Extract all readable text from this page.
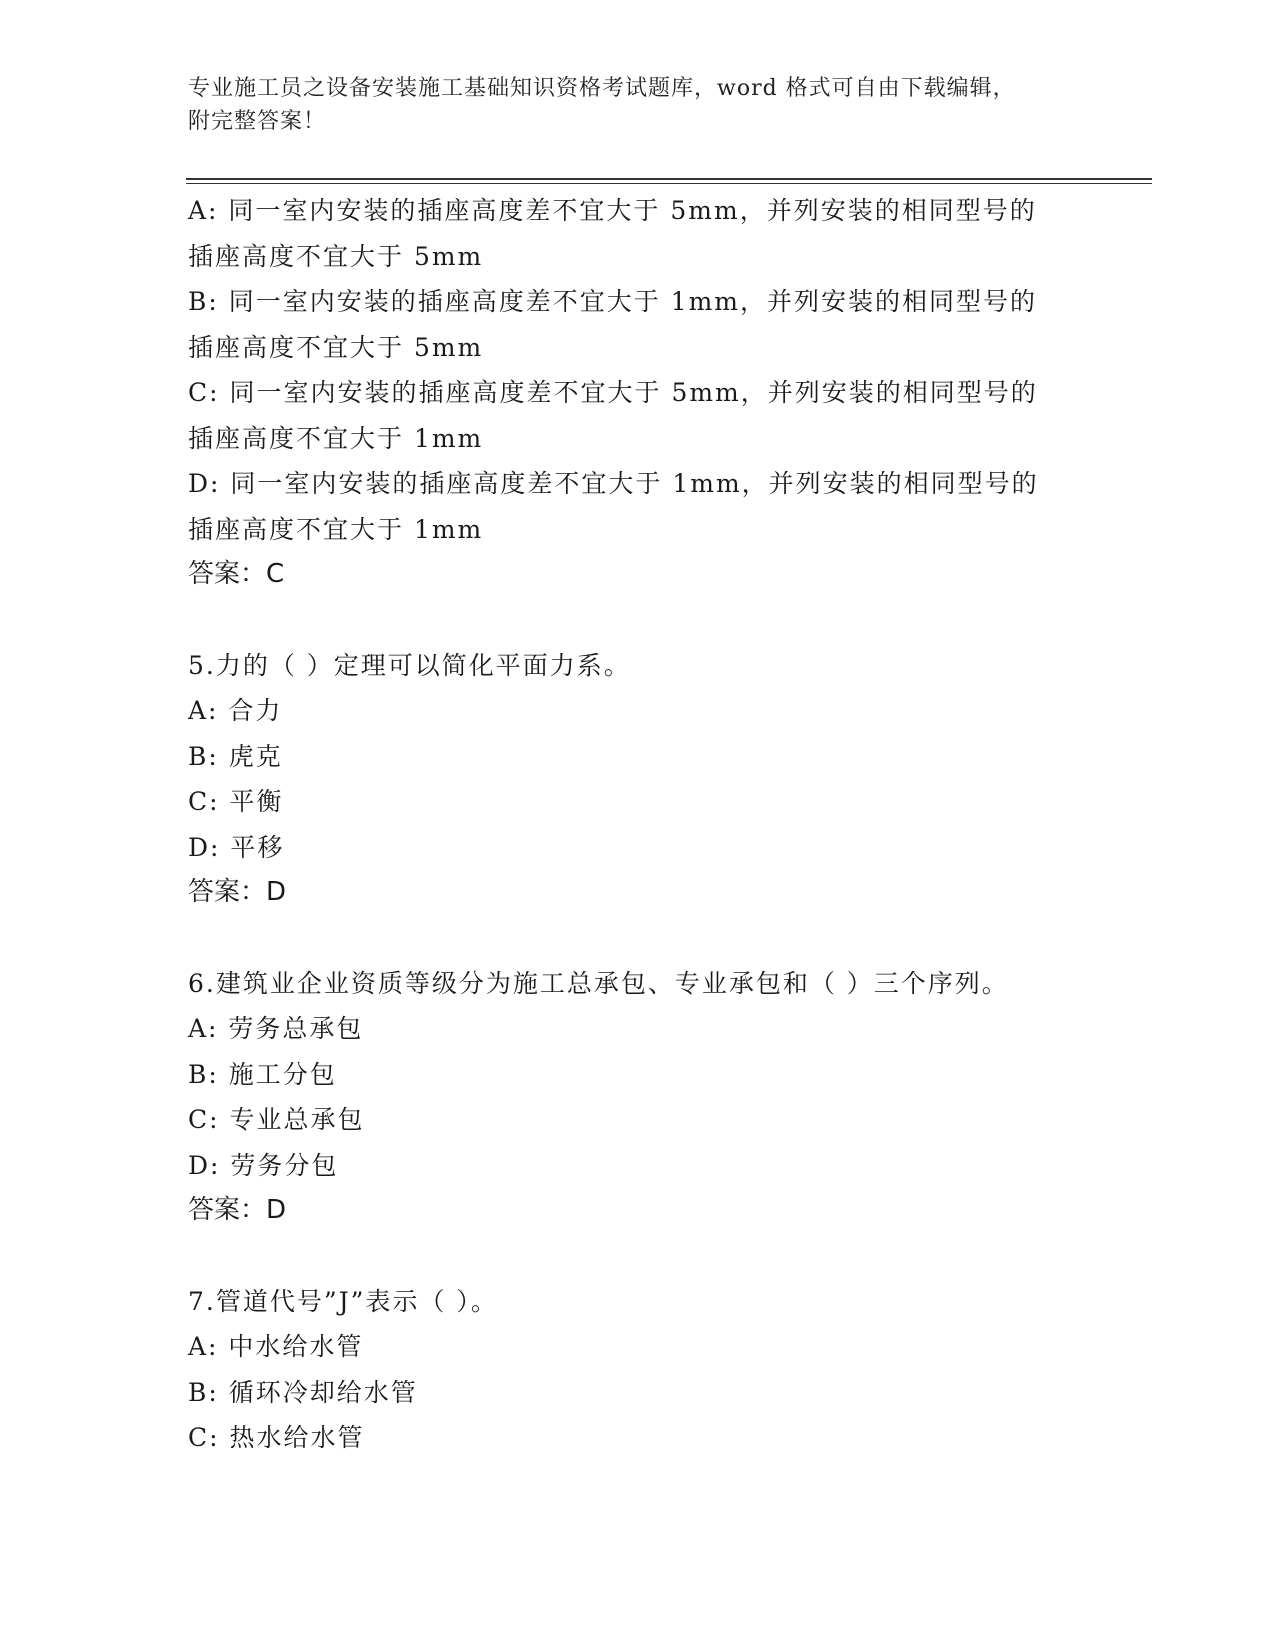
专业施工员之设备安装施工基础知识资格考试题库，word 格式可自由下载编辑，
附完整答案！
A: 同一室内安装的插座高度差不宜大于 5mm，并列安装的相同型号的
插座高度不宜大于 5mm
B: 同一室内安装的插座高度差不宜大于 1mm，并列安装的相同型号的
插座高度不宜大于 5mm
C: 同一室内安装的插座高度差不宜大于 5mm，并列安装的相同型号的
插座高度不宜大于 1mm
D: 同一室内安装的插座高度差不宜大于 1mm，并列安装的相同型号的
插座高度不宜大于 1mm
答案：C
5.力的（ ）定理可以简化平面力系。
A: 合力
B: 虎克
C: 平衡
D: 平移
答案：D
6.建筑业企业资质等级分为施工总承包、专业承包和（ ）三个序列。
A: 劳务总承包
B: 施工分包
C: 专业总承包
D: 劳务分包
答案：D
7.管道代号”J”表示（ ）。
A: 中水给水管
B: 循环冷却给水管
C: 热水给水管
